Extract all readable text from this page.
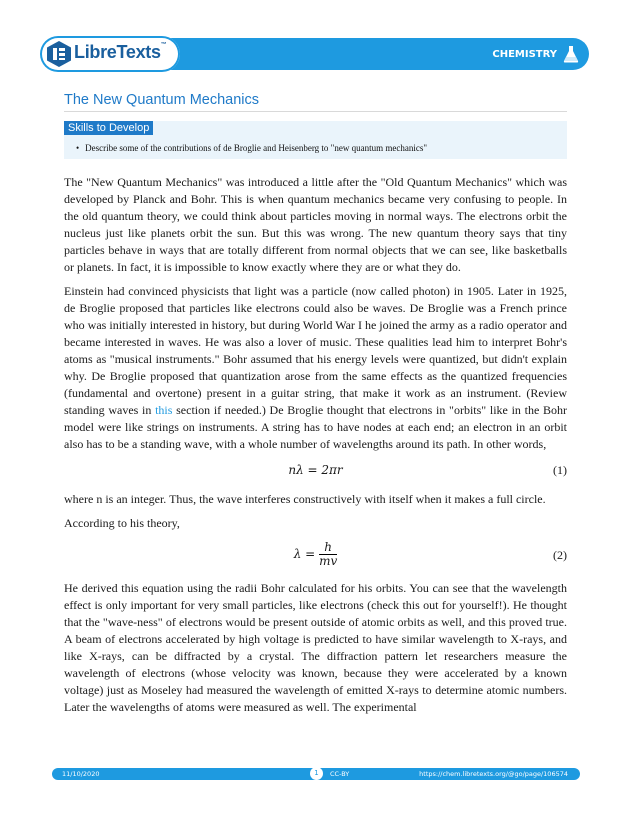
CHEMISTRY
LibreTexts™
The New Quantum Mechanics
Skills to Develop
• Describe some of the contributions of de Broglie and Heisenberg to "new quantum mechanics"

The "New Quantum Mechanics" was introduced a little after the "Old Quantum Mechanics" which was developed by Planck and Bohr. This is when quantum mechanics became very confusing to people. In the old quantum theory, we could think about particles moving in normal ways. The electrons orbit the nucleus just like planets orbit the sun. But this was wrong. The new quantum theory says that tiny particles behave in ways that are totally different from normal objects that we can see, like basketballs or planets. In fact, it is impossible to know exactly where they are or what they do.

Einstein had convinced physicists that light was a particle (now called photon) in 1905. Later in 1925, de Broglie proposed that particles like electrons could also be waves. De Broglie was a French prince who was initially interested in history, but during World War I he joined the army as a radio operator and became interested in waves. He was also a lover of music. These qualities lead him to interpret Bohr's atoms as "musical instruments." Bohr assumed that his energy levels were quantized, but didn't explain why. De Broglie proposed that quantization arose from the same effects as the quantized frequencies (fundamental and overtone) present in a guitar string, that make it work as an instrument. (Review standing waves in this section if needed.) De Broglie thought that electrons in "orbits" like in the Bohr model were like strings on instruments. A string has to have nodes at each end; an electron in an orbit also has to be a standing wave, with a whole number of wavelengths around its path. In other words,

nλ = 2πr	(1)

where n is an integer. Thus, the wave interferes constructively with itself when it makes a full circle.

According to his theory,

$\lambda = \frac{h}{mv}$	(2)

He derived this equation using the radii Bohr calculated for his orbits. You can see that the wavelength effect is only important for very small particles, like electrons (check this out for yourself!). He thought that the "wave-ness" of electrons would be present outside of atomic orbits as well, and this proved true. A beam of electrons accelerated by high voltage is predicted to have similar wavelength to X-rays, and like X-rays, can be diffracted by a crystal. The diffraction pattern let researchers measure the wavelength of electrons (whose velocity was known, because they were accelerated by a known voltage) just as Moseley had measured the wavelength of emitted X-rays to determine atomic numbers. Later the wavelengths of atoms were measured as well. The experimental

11/10/2020	1	CC-BY	https://chem.libretexts.org/@go/page/106574
